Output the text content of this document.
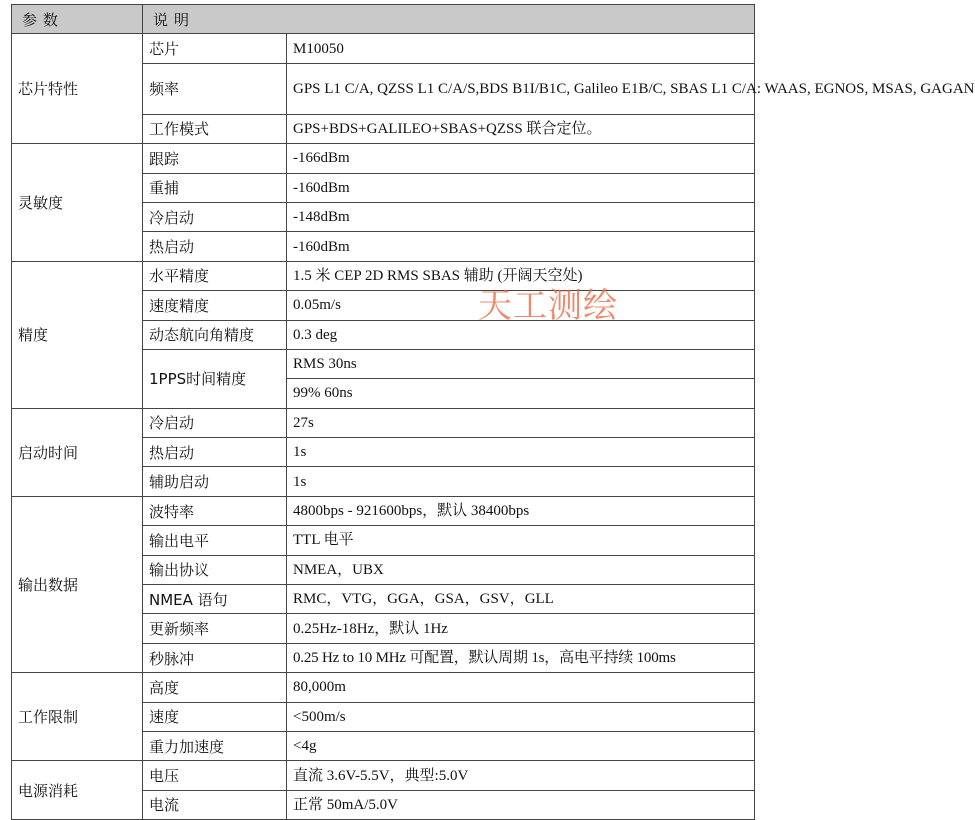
参数	说明	
芯片特性	芯片	M10050
	频率	GPS L1 C/A, QZSS L1 C/A/S,BDS B1I/B1C, Galileo E1B/C, SBAS L1 C/A: WAAS, EGNOS, MSAS, GAGAN
	工作模式	GPS+BDS+GALILEO+SBAS+QZSS 联合定位。
灵敏度	跟踪	-166dBm
	重捕	-160dBm
	冷启动	-148dBm
	热启动	-160dBm
精度	水平精度	1.5 米 CEP 2D RMS SBAS 辅助 (开阔天空处)
	速度精度	0.05m/s
	动态航向角精度	0.3 deg
	1PPS时间精度	RMS 30ns
		99% 60ns
启动时间	冷启动	27s
	热启动	1s
	辅助启动	1s
输出数据	波特率	4800bps - 921600bps，默认 38400bps
	输出电平	TTL 电平
	输出协议	NMEA，UBX
	NMEA 语句	RMC，VTG，GGA，GSA，GSV，GLL
	更新频率	0.25Hz-18Hz，默认 1Hz
	秒脉冲	0.25 Hz to 10 MHz 可配置，默认周期 1s，高电平持续 100ms
工作限制	高度	80,000m
	速度	<500m/s
	重力加速度	<4g
电源消耗	电压	直流 3.6V-5.5V，典型:5.0V
	电流	正常 50mA/5.0V
天工测绘
